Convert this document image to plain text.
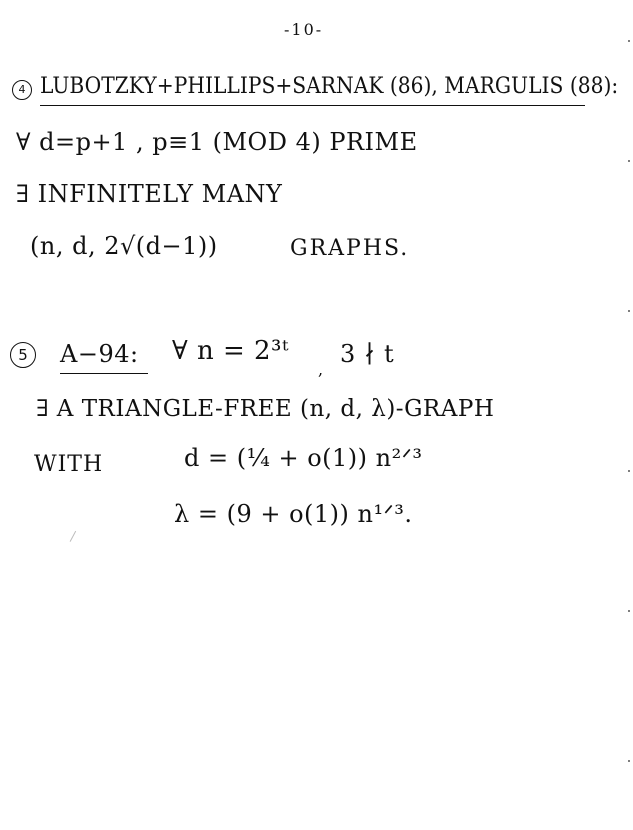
-10-
4 LUBOTZKY+PHILLIPS+SARNAK (86), MARGULIS (88):
∀ d=p+1 , p≡1 (MOD 4) PRIME
∃ INFINITELY MANY
(n, d, 2√(d−1))	GRAPHS.
5	A−94: ∀ n = 2³ᵗ
,
3 ∤ t
∃ A TRIANGLE-FREE (n, d, λ)-GRAPH
WITH	d = (¼ + o(1)) n²ᐟ³
λ = (9 + o(1)) n¹ᐟ³.
